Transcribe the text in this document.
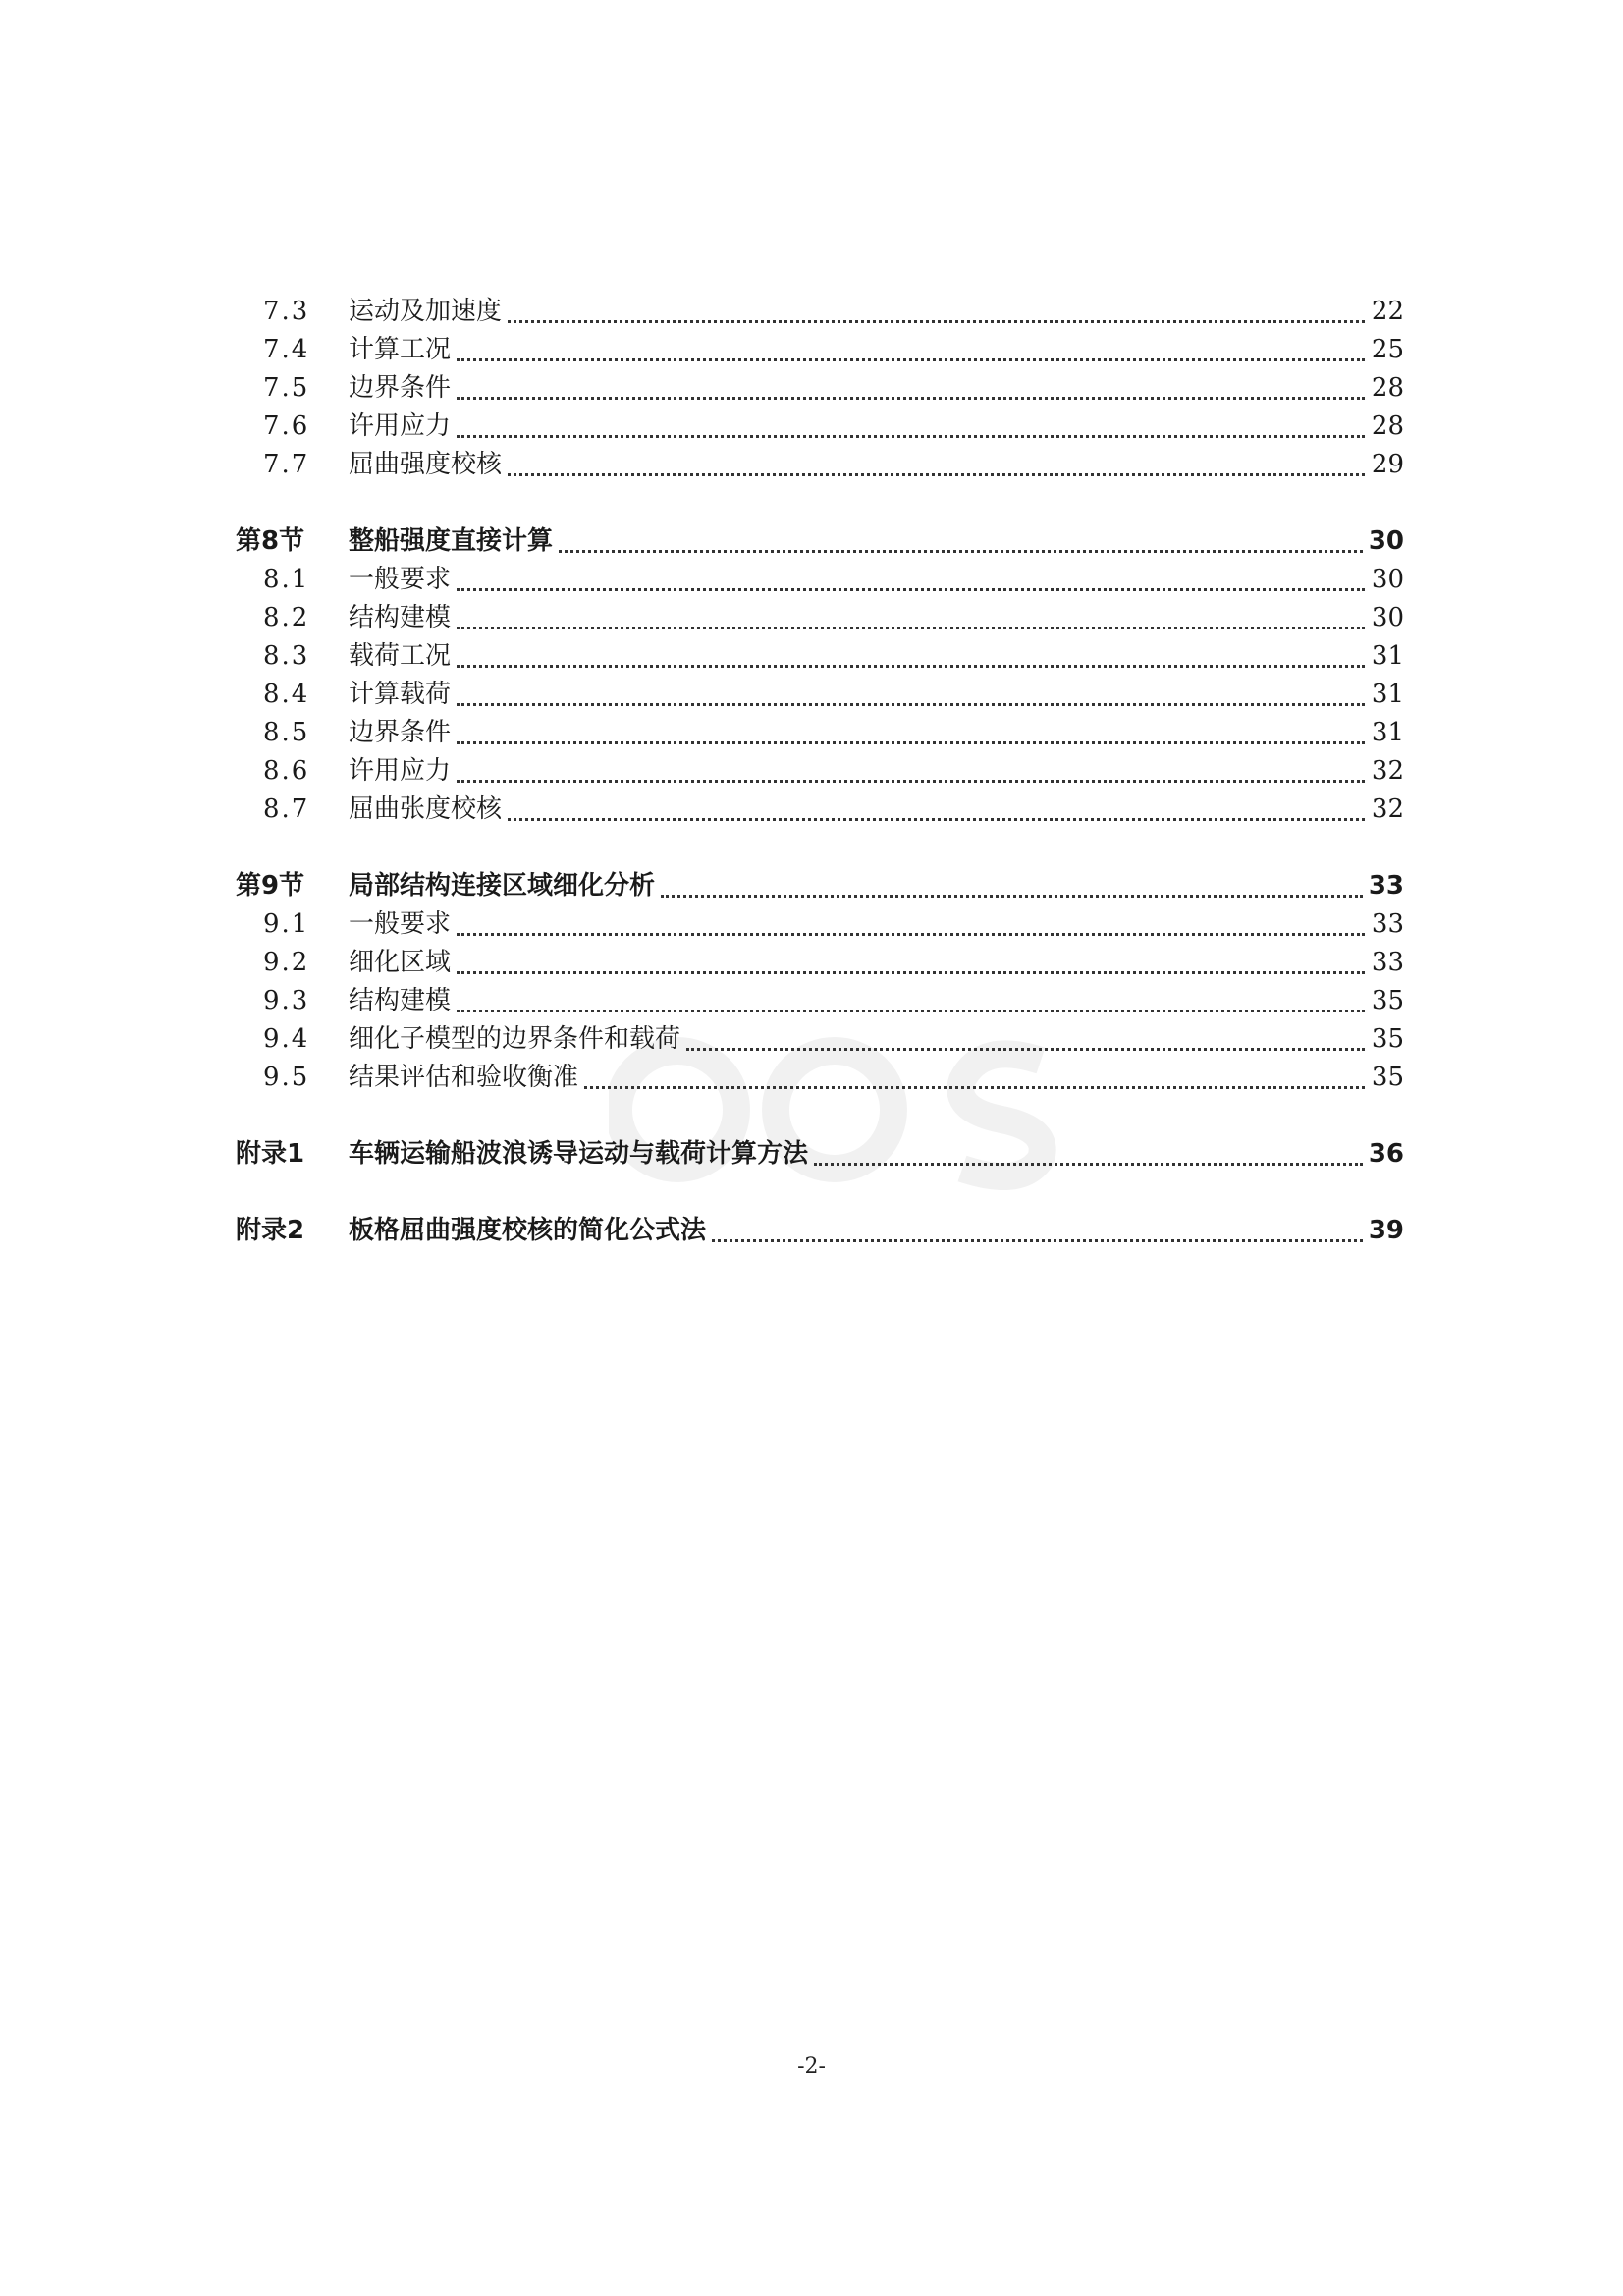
7.3	运动及加速度	22
7.4	计算工况	25
7.5	边界条件	28
7.6	许用应力	28
7.7	屈曲强度校核	29
第8节	整船强度直接计算	30
8.1	一般要求	30
8.2	结构建模	30
8.3	载荷工况	31
8.4	计算载荷	31
8.5	边界条件	31
8.6	许用应力	32
8.7	屈曲张度校核	32
第9节	局部结构连接区域细化分析	33
9.1	一般要求	33
9.2	细化区域	33
9.3	结构建模	35
9.4	细化子模型的边界条件和载荷	35
9.5	结果评估和验收衡准	35
附录1	车辆运输船波浪诱导运动与载荷计算方法	36
附录2	板格屈曲强度校核的简化公式法	39
-2-
